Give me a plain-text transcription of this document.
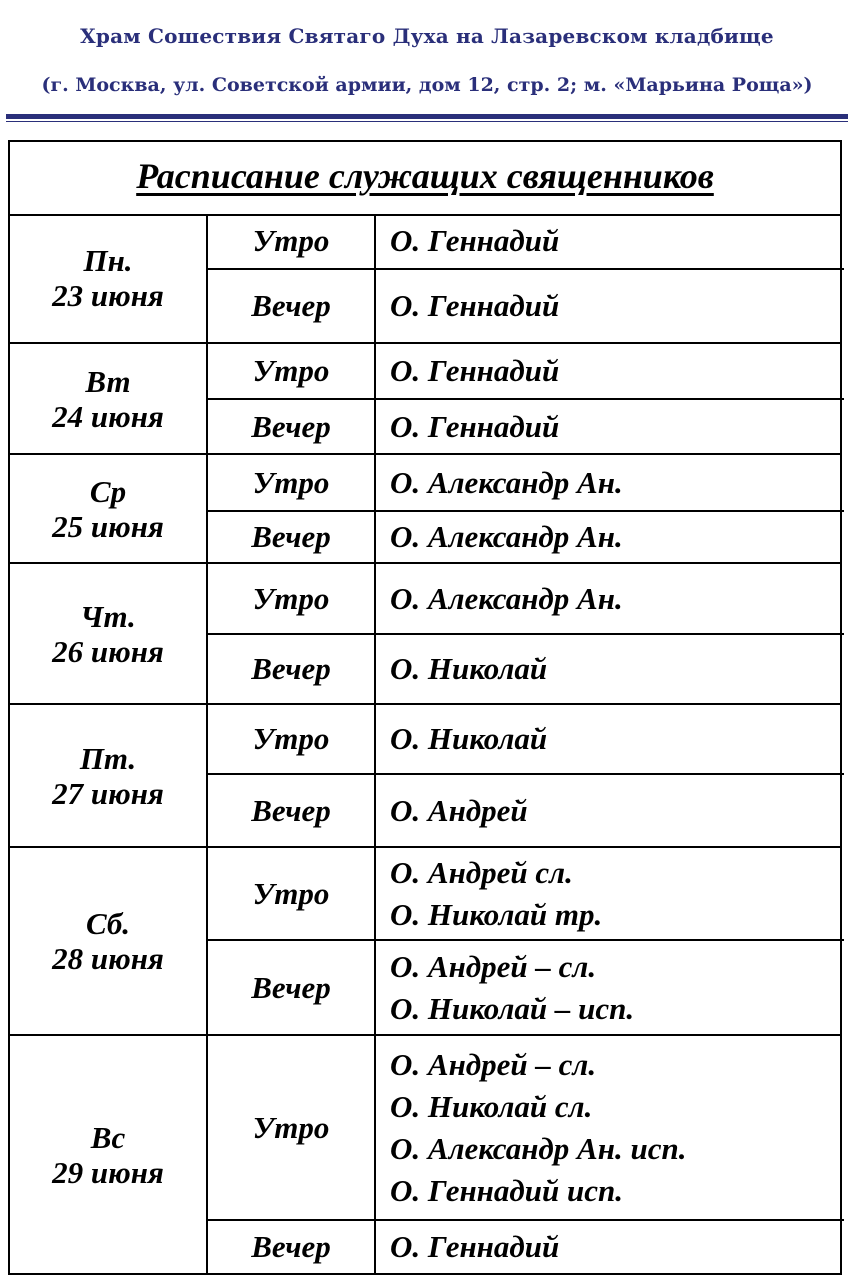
Храм Сошествия Святаго Духа на Лазаревском кладбище
(г. Москва, ул. Советской армии, дом 12, стр. 2; м. «Марьина Роща»)
Расписание служащих священников
Пн.
23 июня
Утро О. Геннадий
Вечер О. Геннадий
Вт
24 июня
Утро О. Геннадий
Вечер О. Геннадий
Ср
25 июня
Утро О. Александр Ан.
Вечер О. Александр Ан.
Чт.
26 июня
Утро О. Александр Ан.
Вечер О. Николай
Пт.
27 июня
Утро О. Николай
Вечер О. Андрей
Сб.
28 июня
Утро
О. Андрей сл.
О. Николай тр.
Вечер
О. Андрей – сл.
О. Николай – исп.
Вс
29 июня
Утро
О. Андрей – сл.
О. Николай сл.
О. Александр Ан. исп.
О. Геннадий исп.
Вечер О. Геннадий
